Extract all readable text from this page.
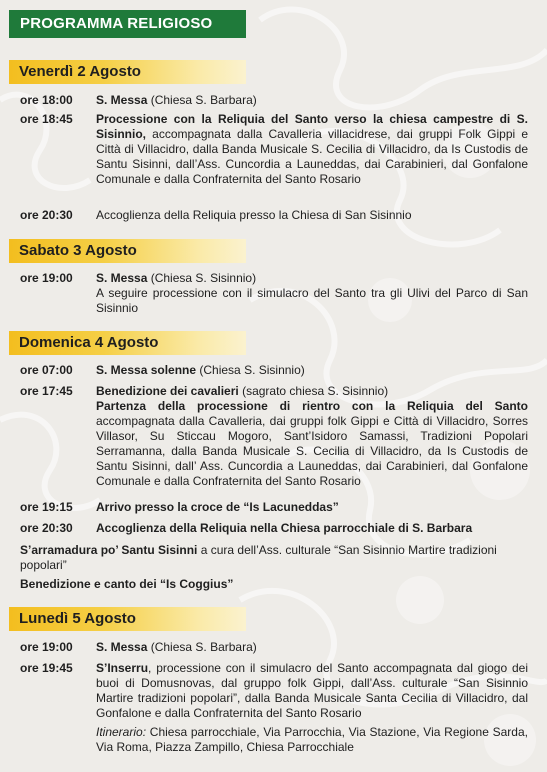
PROGRAMMA RELIGIOSO
Venerdì 2 Agosto
ore 18:00	S. Messa (Chiesa S. Barbara)
ore 18:45	Processione con la Reliquia del Santo verso la chiesa campestre di S. Sisinnio, accompagnata dalla Cavalleria villacidrese, dai gruppi Folk Gippi e Città di Villacidro, dalla Banda Musicale S. Cecilia di Villacidro, da Is Custodis de Santu Sisinni, dall’Ass. Cuncordia a Launeddas, dai Carabinieri, dal Gonfalone Comunale e dalla Confraternita del Santo Rosario
ore 20:30	Accoglienza della Reliquia presso la Chiesa di San Sisinnio
Sabato 3 Agosto
ore 19:00	S. Messa (Chiesa S. Sisinnio)
A seguire processione con il simulacro del Santo tra gli Ulivi del Parco di San Sisinnio
Domenica 4 Agosto
ore 07:00	S. Messa solenne (Chiesa S. Sisinnio)
ore 17:45	Benedizione dei cavalieri (sagrato chiesa S. Sisinnio)
Partenza della processione di rientro con la Reliquia del Santo accompagnata dalla Cavalleria, dai gruppi folk Gippi e Città di Villacidro, Sorres Villasor, Su Sticcau Mogoro, Sant’Isidoro Samassi, Tradizioni Popolari Serramanna, dalla Banda Musicale S. Cecilia di Villacidro, da Is Custodis de Santu Sisinni, dall’ Ass. Cuncordia a Launeddas, dai Carabinieri, dal Gonfalone Comunale e dalla Confraternita del Santo Rosario
ore 19:15	Arrivo presso la croce de “Is Lacuneddas”
ore 20:30	Accoglienza della Reliquia nella Chiesa parrocchiale di S. Barbara
S’arramadura po’ Santu Sisinni a cura dell’Ass. culturale “San Sisinnio Martire tradizioni popolari”
Benedizione e canto dei “Is Coggius”
Lunedì 5 Agosto
ore 19:00	S. Messa (Chiesa S. Barbara)
ore 19:45	S’Inserru, processione con il simulacro del Santo accompagnata dal giogo dei buoi di Domusnovas, dal gruppo folk Gippi, dall’Ass. culturale “San Sisinnio Martire tradizioni popolari”, dalla Banda Musicale Santa Cecilia di Villacidro, dal Gonfalone e dalla Confraternita del Santo Rosario

Itinerario: Chiesa parrocchiale, Via Parrocchia, Via Stazione, Via Regione Sarda, Via Roma, Piazza Zampillo, Chiesa Parrocchiale
